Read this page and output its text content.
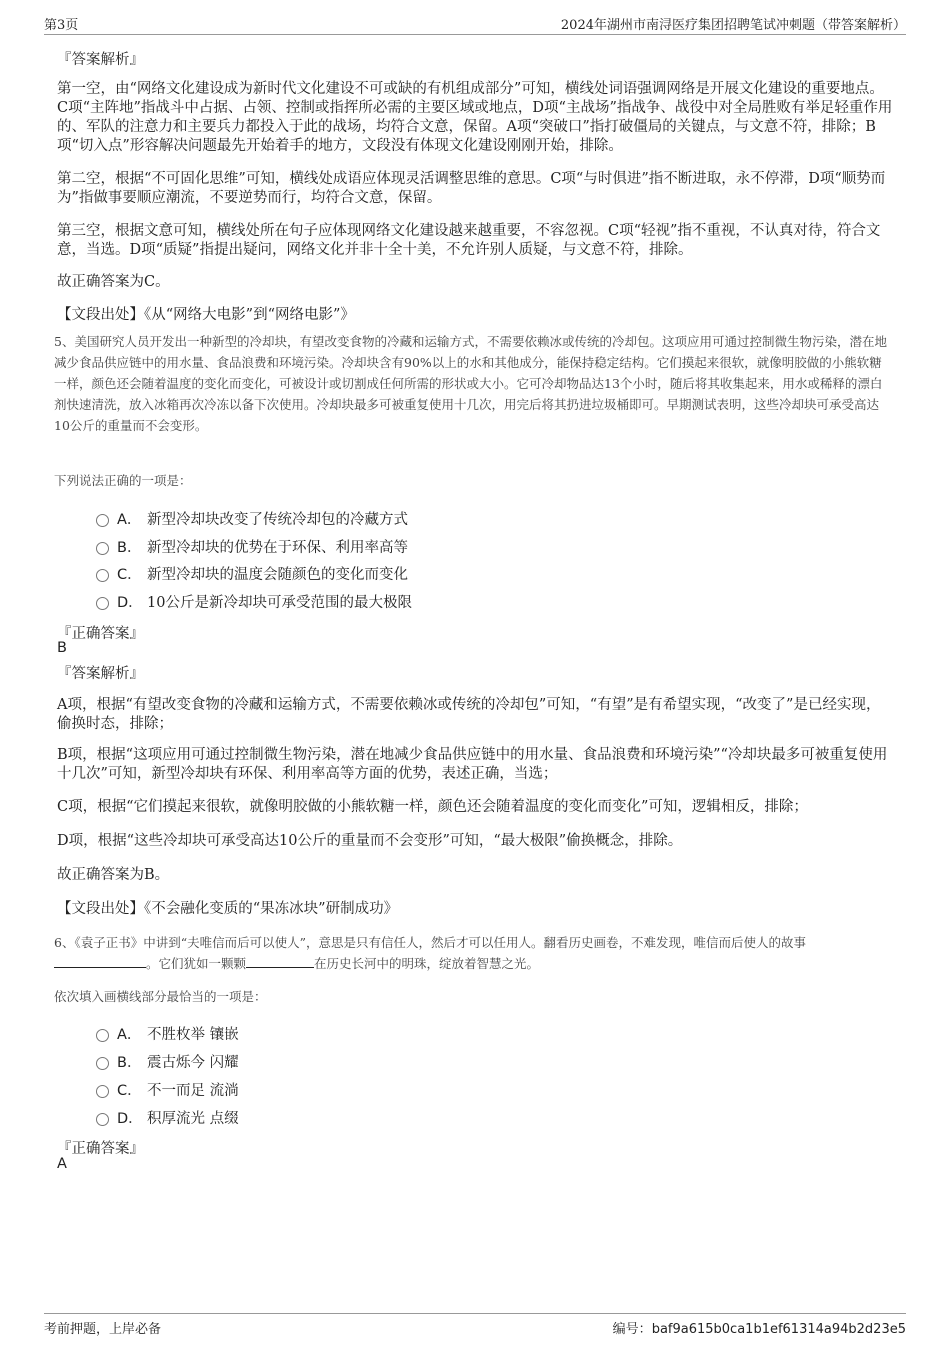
第3页	2024年湖州市南浔医疗集团招聘笔试冲刺题（带答案解析）
『答案解析』
第一空，由“网络文化建设成为新时代文化建设不可或缺的有机组成部分”可知，横线处词语强调网络是开展文化建设的重要地点。C项“主阵地”指战斗中占据、占领、控制或指挥所必需的主要区域或地点，D项“主战场”指战争、战役中对全局胜败有举足轻重作用的、军队的注意力和主要兵力都投入于此的战场，均符合文意，保留。A项“突破口”指打破僵局的关键点，与文意不符，排除；B项“切入点”形容解决问题最先开始着手的地方，文段没有体现文化建设刚刚开始，排除。
第二空，根据“不可固化思维”可知，横线处成语应体现灵活调整思维的意思。C项“与时俱进”指不断进取，永不停滞，D项“顺势而为”指做事要顺应潮流，不要逆势而行，均符合文意，保留。
第三空，根据文意可知，横线处所在句子应体现网络文化建设越来越重要，不容忽视。C项“轻视”指不重视，不认真对待，符合文意，当选。D项“质疑”指提出疑问，网络文化并非十全十美，不允许别人质疑，与文意不符，排除。
故正确答案为C。
【文段出处】《从“网络大电影”到“网络电影”》
5、美国研究人员开发出一种新型的冷却块，有望改变食物的冷藏和运输方式，不需要依赖冰或传统的冷却包。这项应用可通过控制微生物污染，潜在地减少食品供应链中的用水量、食品浪费和环境污染。冷却块含有90%以上的水和其他成分，能保持稳定结构。它们摸起来很软，就像明胶做的小熊软糖一样，颜色还会随着温度的变化而变化，可被设计或切割成任何所需的形状或大小。它可冷却物品达13个小时，随后将其收集起来，用水或稀释的漂白剂快速清洗，放入冰箱再次冷冻以备下次使用。冷却块最多可被重复使用十几次，用完后将其扔进垃圾桶即可。早期测试表明，这些冷却块可承受高达10公斤的重量而不会变形。
下列说法正确的一项是：
A． 新型冷却块改变了传统冷却包的冷藏方式
B． 新型冷却块的优势在于环保、利用率高等
C． 新型冷却块的温度会随颜色的变化而变化
D． 10公斤是新冷却块可承受范围的最大极限
『正确答案』
B
『答案解析』
A项，根据“有望改变食物的冷藏和运输方式，不需要依赖冰或传统的冷却包”可知，“有望”是有希望实现，“改变了”是已经实现，偷换时态，排除；
B项，根据“这项应用可通过控制微生物污染，潜在地减少食品供应链中的用水量、食品浪费和环境污染”“冷却块最多可被重复使用十几次”可知，新型冷却块有环保、利用率高等方面的优势，表述正确，当选；
C项，根据“它们摸起来很软，就像明胶做的小熊软糖一样，颜色还会随着温度的变化而变化”可知，逻辑相反，排除；
D项，根据“这些冷却块可承受高达10公斤的重量而不会变形”可知，“最大极限”偷换概念，排除。
故正确答案为B。
【文段出处】《不会融化变质的“果冻冰块”研制成功》
6、《袁子正书》中讲到“夫唯信而后可以使人”，意思是只有信任人，然后才可以任用人。翻看历史画卷，不难发现，唯信而后使人的故事。它们犹如一颗颗	在历史长河中的明珠，绽放着智慧之光。
依次填入画横线部分最恰当的一项是：
A． 不胜枚举 镶嵌
B． 震古烁今 闪耀
C． 不一而足 流淌
D． 积厚流光 点缀
『正确答案』
A
考前押题，上岸必备	编号：baf9a615b0ca1b1ef61314a94b2d23e5
